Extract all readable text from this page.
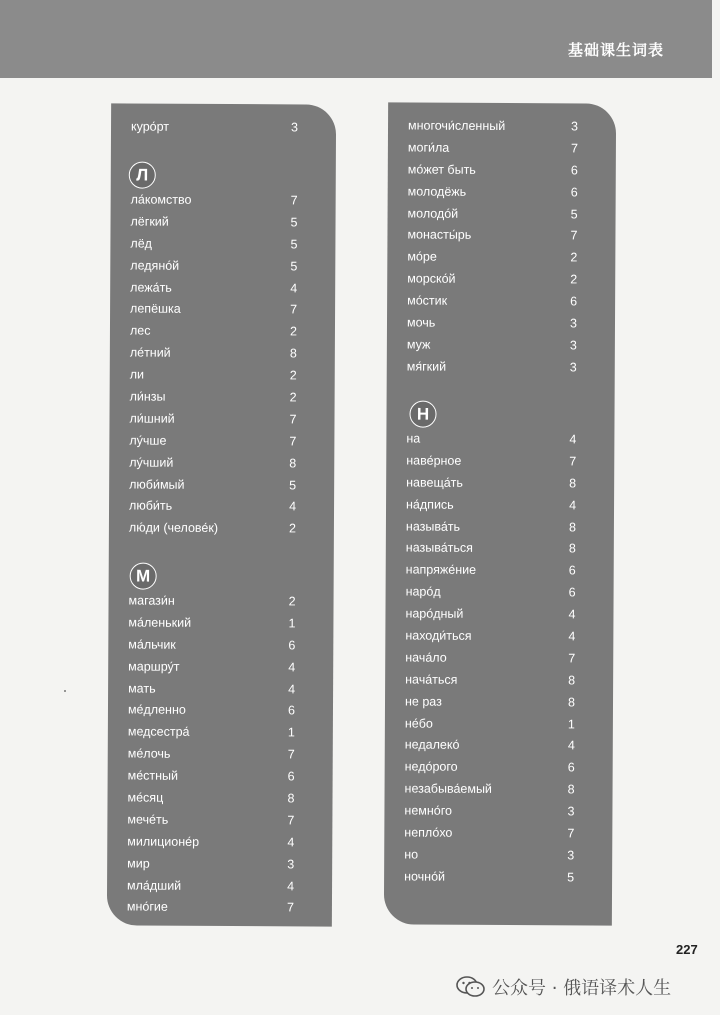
基础课生词表
куро́рт	3
Л
ла́комство	7
лёгкий	5
лёд	5
ледяно́й	5
лежа́ть	4
лепёшка	7
лес	2
ле́тний	8
ли	2
ли́нзы	2
ли́шний	7
лу́чше	7
лу́чший	8
люби́мый	5
люби́ть	4
лю́ди (челове́к)	2
М
магази́н	2
ма́ленький	1
ма́льчик	6
маршру́т	4
мать	4
ме́дленно	6
медсестра́	1
ме́лочь	7
ме́стный	6
ме́сяц	8
мече́ть	7
милиционе́р	4
мир	3
мла́дший	4
мно́гие	7
многочи́сленный	3
моги́ла	7
мо́жет быть	6
молодёжь	6
молодо́й	5
монасты́рь	7
мо́ре	2
морско́й	2
мо́стик	6
мочь	3
муж	3
мя́гкий	3
Н
на	4
наве́рное	7
навеща́ть	8
на́дпись	4
называ́ть	8
называ́ться	8
напряже́ние	6
наро́д	6
наро́дный	4
находи́ться	4
нача́ло	7
нача́ться	8
не раз	8
не́бо	1
недалеко́	4
недо́рого	6
незабыва́емый	8
немно́го	3
непло́хо	7
но	3
ночно́й	5
227
公众号 · 俄语译术人生
